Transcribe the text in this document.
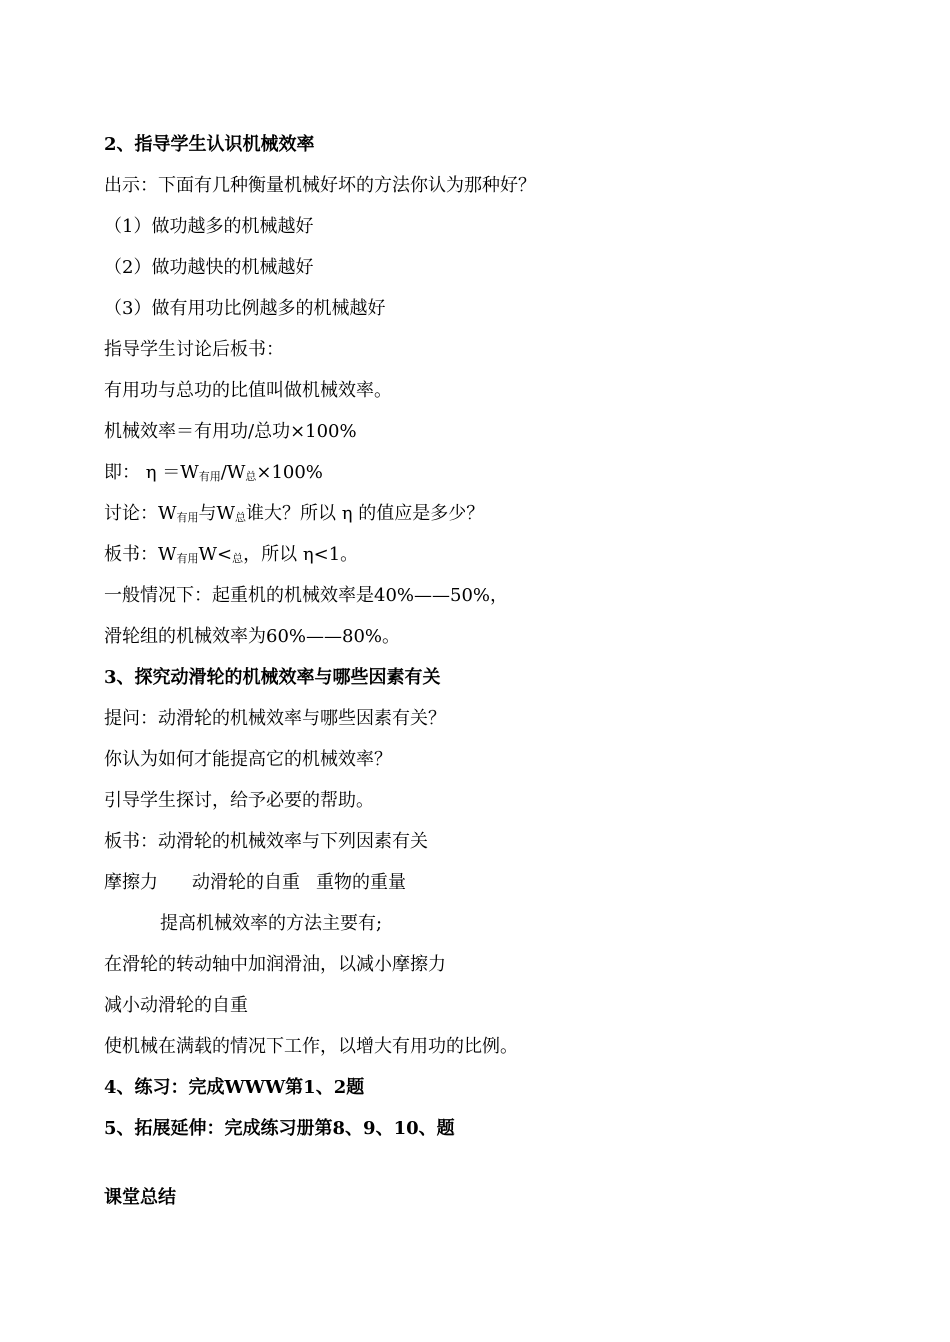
2、指导学生认识机械效率
出示：下面有几种衡量机械好坏的方法你认为那种好？
（1）做功越多的机械越好
（2）做功越快的机械越好
（3）做有用功比例越多的机械越好
指导学生讨论后板书：
有用功与总功的比值叫做机械效率。
机械效率＝有用功/总功×100%
即： η ＝W有用/W总×100%
讨论：W有用与W总谁大？所以 η 的值应是多少？
板书：W有用W<总，所以 η<1。
一般情况下：起重机的机械效率是40%——50%，
滑轮组的机械效率为60%——80%。
3、探究动滑轮的机械效率与哪些因素有关
提问：动滑轮的机械效率与哪些因素有关？
你认为如何才能提高它的机械效率？
引导学生探讨，给予必要的帮助。
板书：动滑轮的机械效率与下列因素有关
摩擦力 动滑轮的自重 重物的重量
提高机械效率的方法主要有;
在滑轮的转动轴中加润滑油，以减小摩擦力
减小动滑轮的自重
使机械在满载的情况下工作，以增大有用功的比例。
4、练习：完成WWW第1、2题
5、拓展延伸：完成练习册第8、9、10、题
课堂总结
